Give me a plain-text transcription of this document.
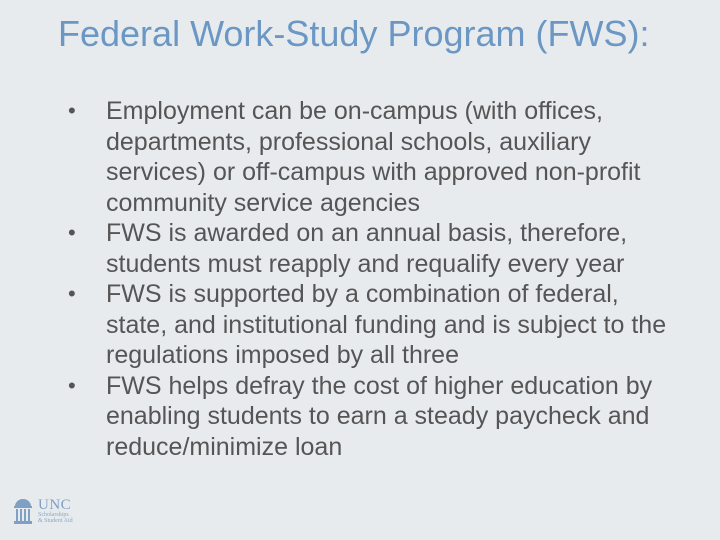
Federal Work-Study Program (FWS):
•	Employment can be on-campus (with offices, departments, professional schools, auxiliary services) or off-campus with approved non-profit community service agencies
•	FWS is awarded on an annual basis, therefore, students must reapply and requalify every year
•	FWS is supported by a combination of federal, state, and institutional funding and is subject to the regulations imposed by all three
•	FWS helps defray the cost of higher education by enabling students to earn a steady paycheck and reduce/minimize loan
UNC
Scholarships
& Student Aid
